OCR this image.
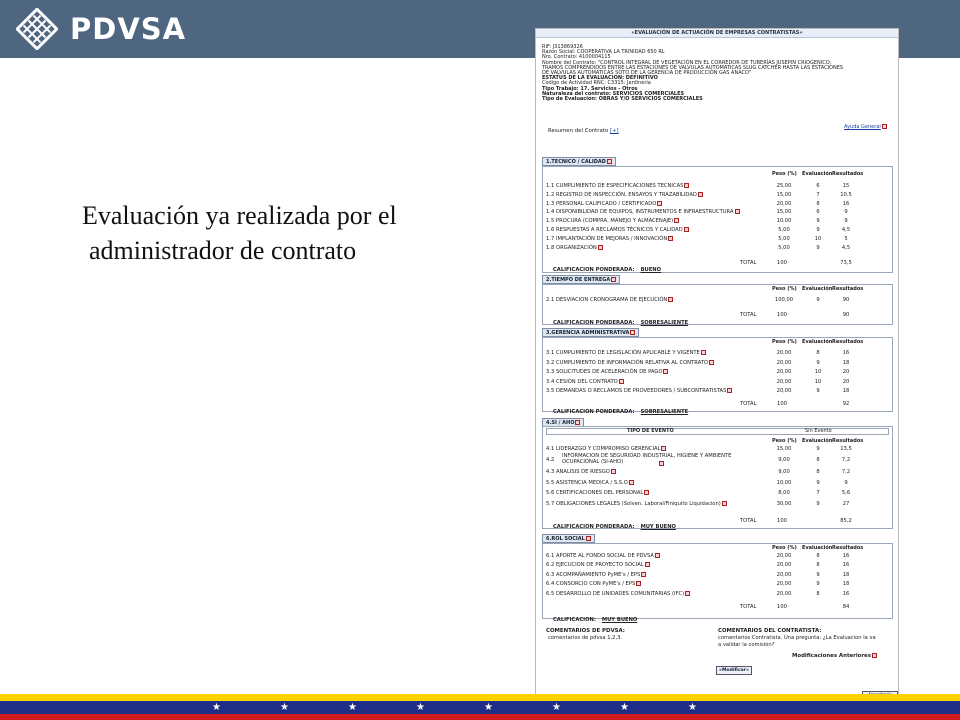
PDVSA
Evaluación ya realizada por el
administrador de contrato
«EVALUACIÓN DE ACTUACIÓN DE EMPRESAS CONTRATISTAS»
RIF: J313869326
Razon Social: COOPERATIVA LA TRINIDAD 650 RL
Nro. Contrato: 4100004115
Nombre del Contrato: "CONTROL INTEGRAL DE VEGETACIÓN EN EL CORREDOR DE TUBERÍAS JUSEPIN CRIOGENICO;
TRAMOS COMPRENDIDOS ENTRE LAS ESTACIONES DE VALVULAS AUTOMATICAS SLUG CATCHER HASTA LAS ESTACIONES
DE VALVULAS AUTOMATICAS SOTO DE LA GERENCIA DE PRODUCCIÓN GAS ANACO"
ESTATUS DE LA EVALUACION: DEFINITIVO
Codigo de Actividad RNC: C3315: Jardineria
Tipo Trabajo: 17. Servicios - Otros
Naturaleza del contrato: SERVICIOS COMERCIALES
Tipo de Evaluación: OBRAS Y/O SERVICIOS COMERCIALES
Resumen del Contrato [+]
Ayuda General
1.TECNICO / CALIDAD
Peso (%) Evaluación Resultados
1.1 CUMPLIMIENTO DE ESPECIFICACIONES TECNICAS	25,00	6	15
1.2 REGISTRO DE INSPECCIÓN, ENSAYOS Y TRAZABILIDAD	15,00	7	10,5
1.3 PERSONAL CALIFICADO / CERTIFICADO	20,00	8	16
1.4 DISPONIBILIDAD DE EQUIPOS, INSTRUMENTOS E INFRAESTRUCTURA	15,00	6	9
1.5 PROCURA (COMPRA, MANEJO Y ALMACENAJE)	10,00	9	9
1.6 RESPUESTAS A RECLAMOS TÉCNICOS Y CALIDAD	5,00	9	4,5
1.7 IMPLANTACIÓN DE MEJORAS / INNOVACIÓN	5,00	10	5
1.8 ORGANIZACIÓN	5,00	9	4,5
TOTAL	100	73,5
CALIFICACION PONDERADA: BUENO
2.TIEMPO DE ENTREGA
Peso (%) Evaluación Resultados
2.1 DESVIACION CRONOGRAMA DE EJECUCIÓN	100,00	9	90
TOTAL	100	90
CALIFICACION PONDERADA: SOBRESALIENTE
3.GERENCIA ADMINISTRATIVA
Peso (%) Evaluación Resultados
3.1 CUMPLIMIENTO DE LEGISLACIÓN APLICABLE Y VIGENTE	20,00	8	16
3.2 CUMPLIMIENTO DE INFORMACIÓN RELATIVA AL CONTRATO	20,00	9	18
3.3 SOLICITUDES DE ACELERACIÓN DE PAGO	20,00	10	20
3.4 CESIÓN DEL CONTRATO	20,00	10	20
3.5 DEMANDAS O RECLAMOS DE PROVEEDORES / SUBCONTRATISTAS	20,00	9	18
TOTAL	100	92
CALIFICACION PONDERADA: SOBRESALIENTE
4.SI / AHO
TIPO DE EVENTO	Sin Evento
Peso (%) Evaluación Resultados
4.1 LIDERAZGO Y COMPROMISO GERENCIAL	15,00	9	13,5
4.2
INFORMACION DE SEGURIDAD INDUSTRIAL, HIGIENE Y AMBIENTE
OCUPACIONAL (SI-AHO)	9,00	8	7,2
4.3 ANALISIS DE RIESGO	9,00	8	7,2
5.5 ASISTENCIA MEDICA / S.S.O	10,00	9	9
5.6 CERTIFICACIONES DEL PERSONAL	8,00	7	5,6
5.7 OBLIGACIONES LEGALES (Solven. Laboral/Finiquito Liquidacion)	30,00	9	27
TOTAL	100	85,2
CALIFICACION PONDERADA: MUY BUENO
6.ROL SOCIAL
Peso (%) Evaluación Resultados
6.1 APORTE AL FONDO SOCIAL DE PDVSA	20,00	8	16
6.2 EJECUCION DE PROYECTO SOCIAL	20,00	8	16
6.3 ACOMPAÑAMIENTO PyME's / EPS	20,00	9	18
6.4 CONSORCIO CON PyME's / EPS	20,00	9	18
6.5 DESARROLLO DE UNIDADES COMUNITARIAS (IFC)	20,00	8	16
TOTAL	100	84
CALIFICACION: MUY BUENO
COMENTARIOS DE PDVSA:
comentarios de pdvsa 1,2,3.
COMENTARIOS DEL CONTRATISTA:
comentarios Contratista. Una pregunta: ¿La Evaluacion la va
a validar la comisión?
Modificaciones Anteriores
»Modificar«
★	★	★	★	★	★	★	★
